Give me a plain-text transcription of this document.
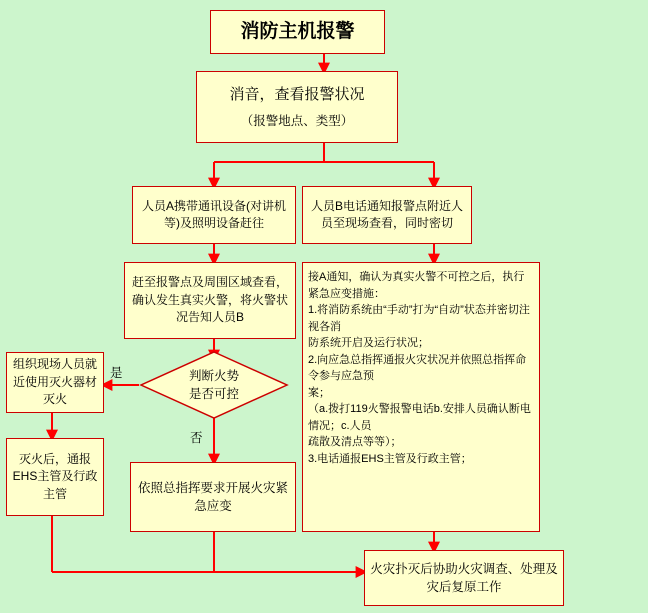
消防主机报警
消音，查看报警状况
（报警地点、类型）
人员A携带通讯设备(对讲机等)及照明设备赶往
人员B电话通知报警点附近人员至现场查看，同时密切
赶至报警点及周围区域查看，确认发生真实火警，将火警状况告知人员B
接A通知，确认为真实火警不可控之后，执行紧急应变措施：
1.将消防系统由“手动”打为“自动”状态并密切注视各消
防系统开启及运行状况；
2.向应急总指挥通报火灾状况并依照总指挥命令参与应急预
案；
（a.拨打119火警报警电话b.安排人员确认断电情况；c.人员
疏散及清点等等）；
3.电话通报EHS主管及行政主管；
判断火势
是否可控
是
否
组织现场人员就近使用灭火器材灭火
灭火后，通报EHS主管及行政主管	依照总指挥要求开展火灾紧急应变
火灾扑灭后协助火灾调查、处理及灾后复原工作
